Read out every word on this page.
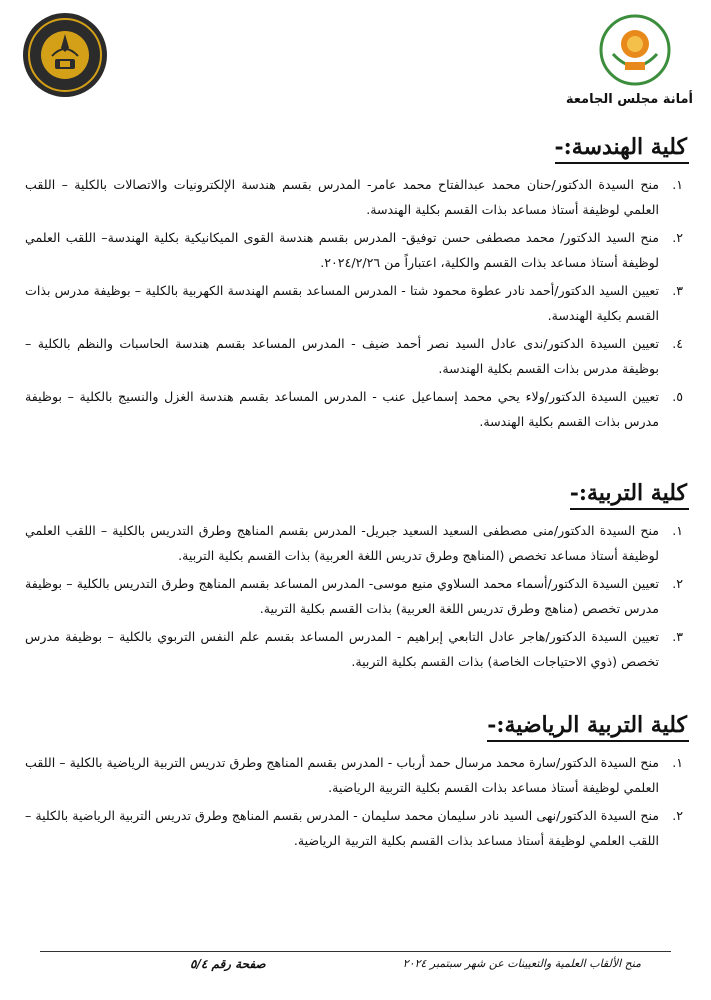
أمانة مجلس الجامعة
كلية الهندسة:-
١.
منح السيدة الدكتور/حنان محمد عبدالفتاح محمد عامر- المدرس بقسم هندسة الإلكترونيات والاتصالات بالكلية – اللقب العلمي لوظيفة أستاذ مساعد بذات القسم بكلية الهندسة.
٢.
منح السيد الدكتور/ محمد مصطفى حسن توفيق- المدرس بقسم هندسة القوى الميكانيكية بكلية الهندسة– اللقب العلمي لوظيفة أستاذ مساعد بذات القسم والكلية، اعتباراً من ٢٠٢٤/٢/٢٦.
٣.
تعيين السيد الدكتور/أحمد نادر عطوة محمود شتا - المدرس المساعد بقسم الهندسة الكهربية بالكلية – بوظيفة مدرس بذات القسم بكلية الهندسة.
٤.
تعيين السيدة الدكتور/ندى عادل السيد نصر أحمد ضيف - المدرس المساعد بقسم هندسة الحاسبات والنظم بالكلية – بوظيفة مدرس بذات القسم بكلية الهندسة.
٥.
تعيين السيدة الدكتور/ولاء يحي محمد إسماعيل عنب - المدرس المساعد بقسم هندسة الغزل والنسيج بالكلية – بوظيفة مدرس بذات القسم بكلية الهندسة.
كلية التربية:-
١.
منح السيدة الدكتور/منى مصطفى السعيد السعيد جبريل- المدرس بقسم المناهج وطرق التدريس بالكلية – اللقب العلمي لوظيفة أستاذ مساعد تخصص (المناهج وطرق تدريس اللغة العربية) بذات القسم بكلية التربية.
٢.
تعيين السيدة الدكتور/أسماء محمد السلاوي منيع موسى- المدرس المساعد بقسم المناهج وطرق التدريس بالكلية – بوظيفة مدرس تخصص (مناهج وطرق تدريس اللغة العربية) بذات القسم بكلية التربية.
٣.
تعيين السيدة الدكتور/هاجر عادل التابعي إبراهيم - المدرس المساعد بقسم علم النفس التربوي بالكلية – بوظيفة مدرس تخصص (ذوي الاحتياجات الخاصة) بذات القسم بكلية التربية.
كلية التربية الرياضية:-
١.
منح السيدة الدكتور/سارة محمد مرسال حمد أرباب - المدرس بقسم المناهج وطرق تدريس التربية الرياضية بالكلية – اللقب العلمي لوظيفة أستاذ مساعد بذات القسم بكلية التربية الرياضية.
٢.
منح السيدة الدكتور/نهى السيد نادر سليمان محمد سليمان - المدرس بقسم المناهج وطرق تدريس التربية الرياضية بالكلية – اللقب العلمي لوظيفة أستاذ مساعد بذات القسم بكلية التربية الرياضية.
منح الألقاب العلمية والتعيينات عن شهر سبتمبر ٢٠٢٤
صفحة رقم ٥/٤
